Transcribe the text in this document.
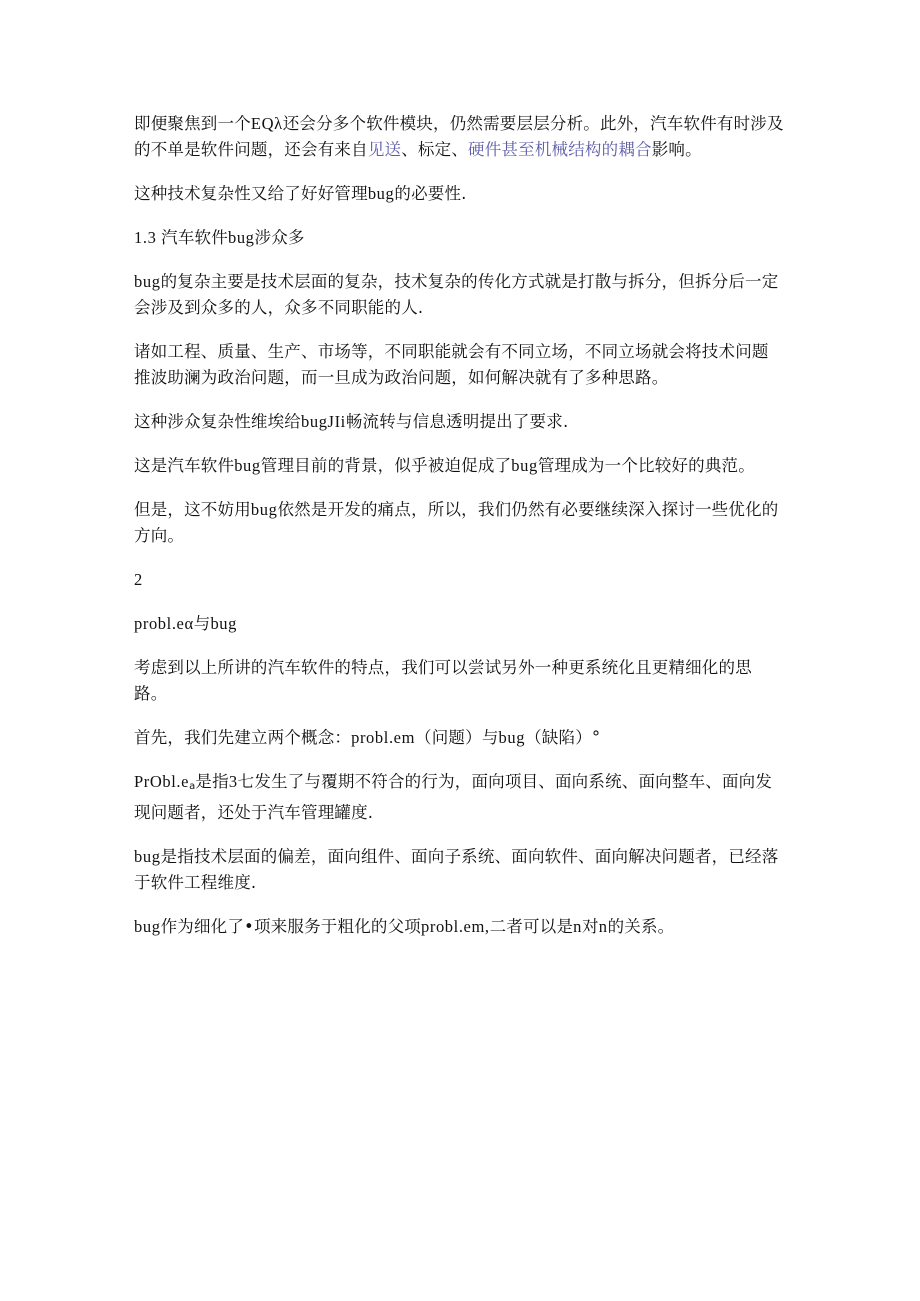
即便聚焦到一个EQλ还会分多个软件模块，仍然需要层层分析。此外，汽车软件有时涉及的不单是软件问题，还会有来自见送、标定、硬件甚至机械结构的耦合影响。

这种技术复杂性又给了好好管理bug的必要性.

1.3 汽车软件bug涉众多

bug的复杂主要是技术层面的复杂，技术复杂的传化方式就是打散与拆分，但拆分后一定会涉及到众多的人，众多不同职能的人.

诸如工程、质量、生产、市场等，不同职能就会有不同立场，不同立场就会将技术问题推波助澜为政治问题，而一旦成为政治问题，如何解决就有了多种思路。

这种涉众复杂性维埃给bugJIi畅流转与信息透明提出了要求.

这是汽车软件bug管理目前的背景，似乎被迫促成了bug管理成为一个比较好的典范。

但是，这不妨用bug依然是开发的痛点，所以，我们仍然有必要继续深入探讨一些优化的方向。

2

probl.eα与bug

考虑到以上所讲的汽车软件的特点，我们可以尝试另外一种更系统化且更精细化的思路。

首先，我们先建立两个概念：probl.em（问题）与bug（缺陷）°

$PrObl.e_a$是指3七发生了与覆期不符合的行为，面向项目、面向系统、面向整车、面向发现问题者，还处于汽车管理罐度.

bug是指技术层面的偏差，面向组件、面向子系统、面向软件、面向解决问题者，已经落于软件工程维度.

bug作为细化了•项来服务于粗化的父项probl.em,二者可以是n对n的关系。
